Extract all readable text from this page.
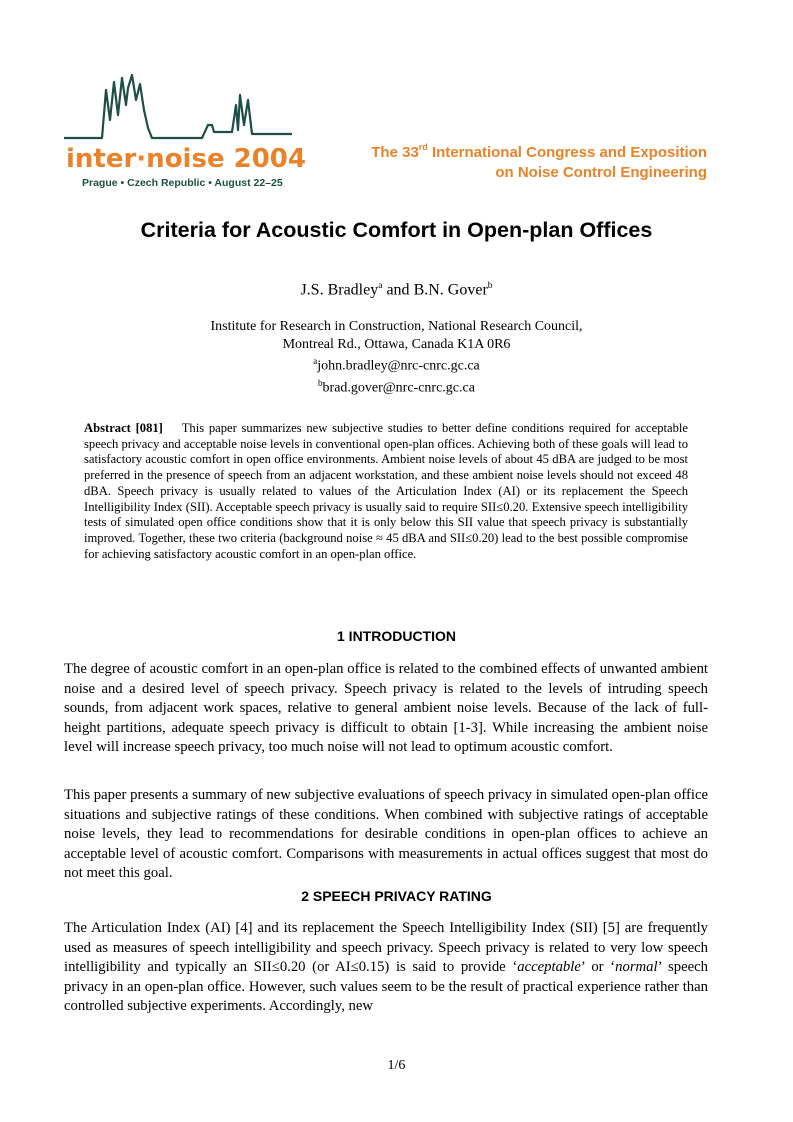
inter·noise 2004
Prague • Czech Republic • August 22–25
The 33rd International Congress and Exposition
on Noise Control Engineering
Criteria for Acoustic Comfort in Open-plan Offices
J.S. Bradley$^a$ and B.N. Gover$^b$
Institute for Research in Construction, National Research Council,
Montreal Rd., Ottawa, Canada K1A 0R6
$^a$john.bradley@nrc-cnrc.gc.ca
$^b$brad.gover@nrc-cnrc.gc.ca
Abstract [081] This paper summarizes new subjective studies to better define conditions required for acceptable speech privacy and acceptable noise levels in conventional open-plan offices. Achieving both of these goals will lead to satisfactory acoustic comfort in open office environments. Ambient noise levels of about 45 dBA are judged to be most preferred in the presence of speech from an adjacent workstation, and these ambient noise levels should not exceed 48 dBA. Speech privacy is usually related to values of the Articulation Index (AI) or its replacement the Speech Intelligibility Index (SII). Acceptable speech privacy is usually said to require SII≤0.20. Extensive speech intelligibility tests of simulated open office conditions show that it is only below this SII value that speech privacy is substantially improved. Together, these two criteria (background noise ≈ 45 dBA and SII≤0.20) lead to the best possible compromise for achieving satisfactory acoustic comfort in an open-plan office.
1 INTRODUCTION
The degree of acoustic comfort in an open-plan office is related to the combined effects of unwanted ambient noise and a desired level of speech privacy. Speech privacy is related to the levels of intruding speech sounds, from adjacent work spaces, relative to general ambient noise levels. Because of the lack of full-height partitions, adequate speech privacy is difficult to obtain [1-3]. While increasing the ambient noise level will increase speech privacy, too much noise will not lead to optimum acoustic comfort.
This paper presents a summary of new subjective evaluations of speech privacy in simulated open-plan office situations and subjective ratings of these conditions. When combined with subjective ratings of acceptable noise levels, they lead to recommendations for desirable conditions in open-plan offices to achieve an acceptable level of acoustic comfort. Comparisons with measurements in actual offices suggest that most do not meet this goal.
2 SPEECH PRIVACY RATING
The Articulation Index (AI) [4] and its replacement the Speech Intelligibility Index (SII) [5] are frequently used as measures of speech intelligibility and speech privacy. Speech privacy is related to very low speech intelligibility and typically an SII≤0.20 (or AI≤0.15) is said to provide ‘acceptable’ or ‘normal’ speech privacy in an open-plan office. However, such values seem to be the result of practical experience rather than controlled subjective experiments. Accordingly, new
1/6
